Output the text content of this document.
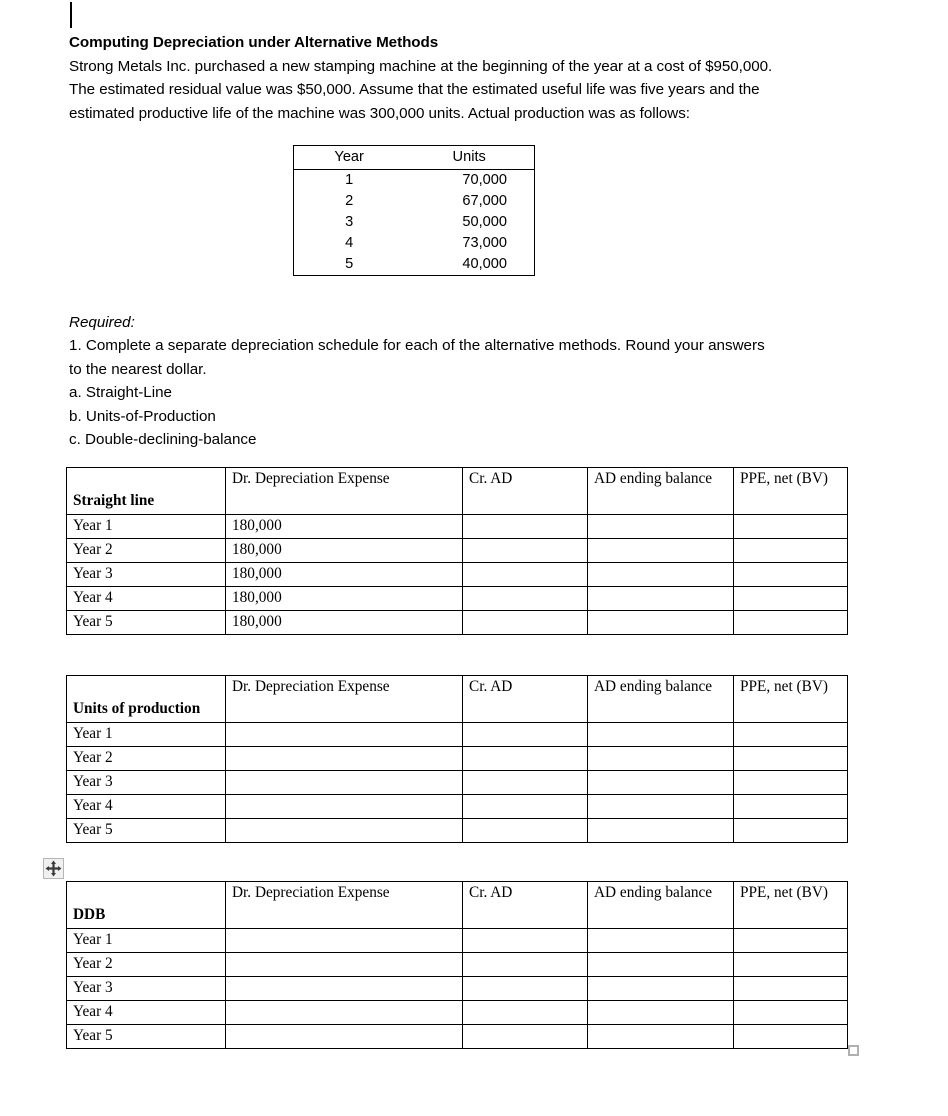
Computing Depreciation under Alternative Methods

Strong Metals Inc. purchased a new stamping machine at the beginning of the year at a cost of $950,000.

The estimated residual value was $50,000. Assume that the estimated useful life was five years and the

estimated productive life of the machine was 300,000 units. Actual production was as follows:

Year	Units
1	70,000
2	67,000
3	50,000
4	73,000
5	40,000

Required:

1. Complete a separate depreciation schedule for each of the alternative methods. Round your answers

to the nearest dollar.

a. Straight-Line

b. Units-of-Production

c. Double-declining-balance

Straight line	Dr. Depreciation Expense	Cr. AD	AD ending balance	PPE, net (BV)
Year 1	180,000			
Year 2	180,000			
Year 3	180,000			
Year 4	180,000			
Year 5	180,000			
Units of production	Dr. Depreciation Expense	Cr. AD	AD ending balance	PPE, net (BV)
Year 1				
Year 2				
Year 3				
Year 4				
Year 5				
DDB	Dr. Depreciation Expense	Cr. AD	AD ending balance	PPE, net (BV)
Year 1				
Year 2				
Year 3				
Year 4				
Year 5				
